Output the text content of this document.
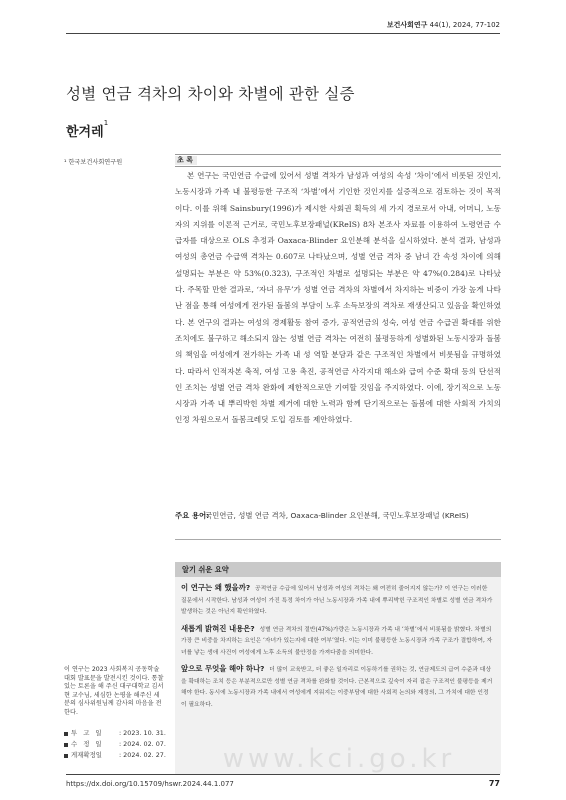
보건사회연구 44(1), 2024, 77-102
성별 연금 격차의 차이와 차별에 관한 실증
한겨레$^1$
¹ 한국보건사회연구원	초 록

본 연구는 국민연금 수급에 있어서 성별 격차가 남성과 여성의 속성 ‘차이’에서 비롯된 것인지, 노동시장과 가족 내 불평등한 구조적 ‘차별’에서 기인한 것인지를 실증적으로 검토하는 것이 목적이다. 이를 위해 Sainsbury(1996)가 제시한 사회권 획득의 세 가지 경로로서 아내, 어머니, 노동자의 지위를 이론적 근거로, 국민노후보장패널(KReIS) 8차 본조사 자료를 이용하여 노령연금 수급자를 대상으로 OLS 추정과 Oaxaca-Blinder 요인분해 분석을 실시하였다. 분석 결과, 남성과 여성의 총연금 수급액 격차는 0.607로 나타났으며, 성별 연금 격차 중 남녀 간 속성 차이에 의해 설명되는 부분은 약 53%(0.323), 구조적인 차별로 설명되는 부분은 약 47%(0.284)로 나타났다. 주목할 만한 결과로, ‘자녀 유무’가 성별 연금 격차의 차별에서 차지하는 비중이 가장 높게 나타난 점을 통해 여성에게 전가된 돌봄의 부담이 노후 소득보장의 격차로 재생산되고 있음을 확인하였다. 본 연구의 결과는 여성의 경제활동 참여 증가, 공적연금의 성숙, 여성 연금 수급권 확대를 위한 조치에도 불구하고 해소되지 않는 성별 연금 격차는 여전히 불평등하게 성별화된 노동시장과 돌봄의 책임을 여성에게 전가하는 가족 내 성 역할 분담과 같은 구조적인 차별에서 비롯됨을 규명하였다. 따라서 인적자본 축적, 여성 고용 촉진, 공적연금 사각지대 해소와 급여 수준 확대 등의 단선적인 조치는 성별 연금 격차 완화에 제한적으로만 기여할 것임을 주지하였다. 이에, 장기적으로 노동시장과 가족 내 뿌리박힌 차별 제거에 대한 노력과 함께 단기적으로는 돌봄에 대한 사회적 가치의 인정 차원으로서 돌봄크레딧 도입 검토를 제안하였다.

주요 용어:
국민연금, 성별 연금 격차, Oaxaca-Blinder 요인분해, 국민노후보장패널 (KReIS)
이 연구는 2023 사회복지 공동학술대회 발표문을 발전시킨 것이다. 통찰 있는 토론을 해 주신 대구대학교 김서현 교수님, 세심한 논평을 해주신 세 분의 심사위원님께 감사의 마음을 전한다.
투 고 일	: 2023. 10. 31.
수 정 일	: 2024. 02. 07.
게재확정일	: 2024. 02. 27.
알기 쉬운 요약

이 연구는 왜 했을까? 공적연금 수급에 있어서 남성과 여성의 격차는 왜 여전히 줄어지지 않는가? 이 연구는 이러한 질문에서 시작한다. 남성과 여성이 가진 특정 차이가 아닌 노동시장과 가족 내에 뿌리박힌 구조적인 차별로 성별 연금 격차가 발생하는 것은 아닌지 확인하였다.

새롭게 밝혀진 내용은? 성별 연금 격차의 절반(47%)가량은 노동시장과 가족 내 ‘차별’에서 비롯됨을 밝혔다. 차별의 가장 큰 비중을 차지하는 요인은 ‘자녀가 있는지에 대한 여부’였다. 이는 이미 불평등한 노동시장과 가족 구조가 결합하여, 자녀를 낳는 생애 사건이 여성에게 노후 소득의 불안정을 가져다줌을 의미한다.

앞으로 무엇을 해야 하나? 더 많이 교육받고, 더 좋은 일자리로 이동하기를 권하는 것, 연금제도의 급여 수준과 대상을 확대하는 조치 등은 부분적으로만 성별 연금 격차를 완화할 것이다. 근본적으로 깊숙이 자리 잡은 구조적인 불평등을 제거해야 한다. 동시에 노동시장과 가족 내에서 여성에게 지워지는 이중부담에 대한 사회적 논의와 재정의, 그 가치에 대한 인정이 필요하다.

www.kci.go.kr
https://dx.doi.org/10.15709/hswr.2024.44.1.077	77
